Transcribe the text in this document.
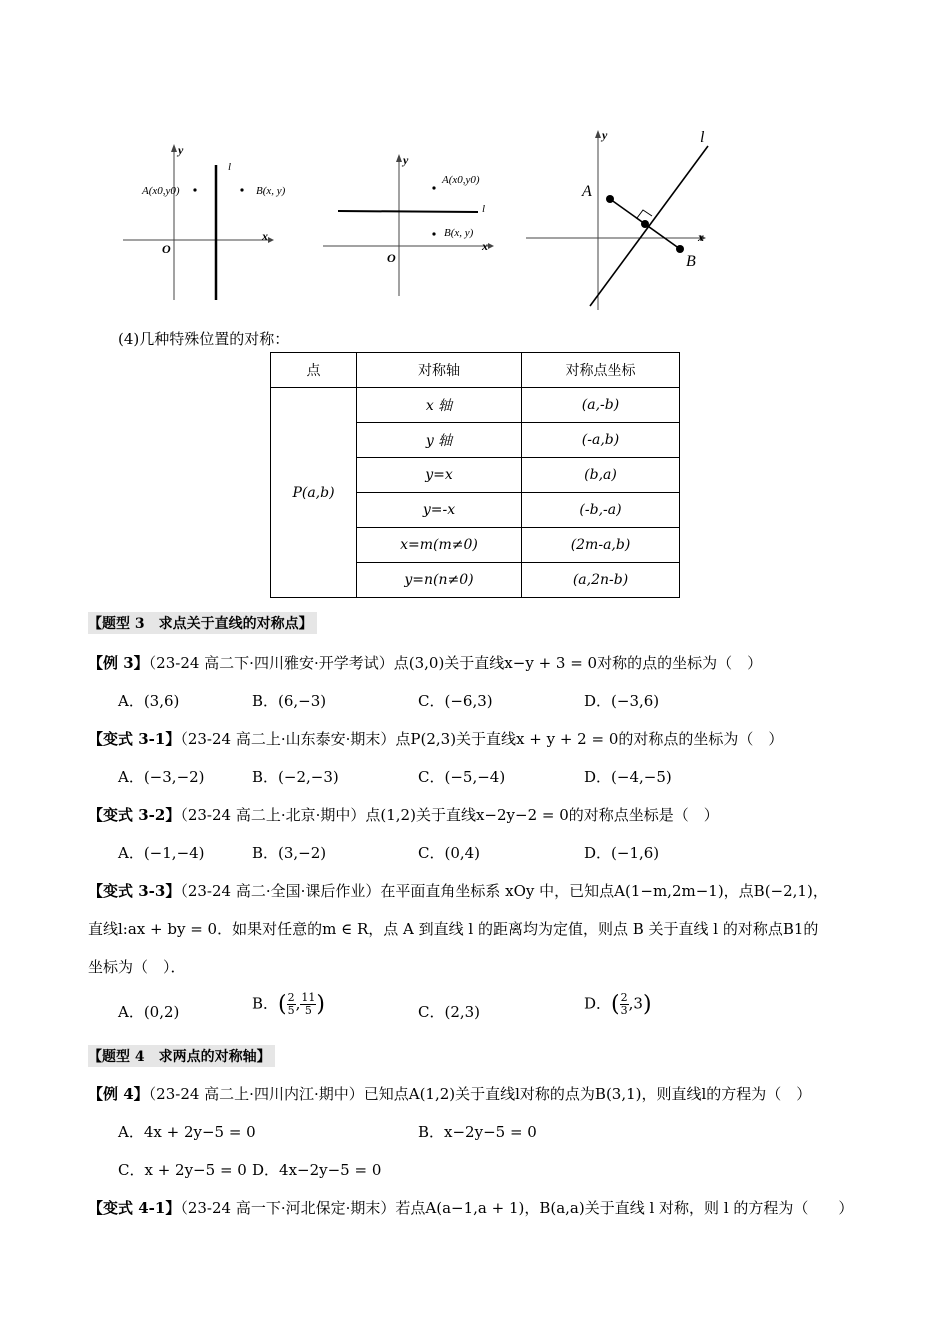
y
O
x
l
A(x0,y0)	B(x, y)
y
O
x
l
A(x0,y0)
B(x, y)
y
x
l
A
B
(4)几种特殊位置的对称：
点	对称轴	对称点坐标
P(a,b)	x 轴	(a,-b)
	y 轴	(-a,b)
	y=x	(b,a)
	y=-x	(-b,-a)
	x=m(m≠0)	(2m-a,b)
	y=n(n≠0)	(a,2n-b)
【题型 3　求点关于直线的对称点】
【例 3】（23-24 高二下·四川雅安·开学考试）点(3,0)关于直线x−y + 3 = 0对称的点的坐标为（　）
A．(3,6)	B．(6,−3)	C．(−6,3)	D．(−3,6)
【变式 3-1】（23-24 高二上·山东泰安·期末）点P(2,3)关于直线x + y + 2 = 0的对称点的坐标为（　）
A．(−3,−2)	B．(−2,−3)	C．(−5,−4)	D．(−4,−5)
【变式 3-2】（23-24 高二上·北京·期中）点(1,2)关于直线x−2y−2 = 0的对称点坐标是（　）
A．(−1,−4)	B．(3,−2)	C．(0,4)	D．(−1,6)
【变式 3-3】（23-24 高二·全国·课后作业）在平面直角坐标系 xOy 中，已知点A(1−m,2m−1)，点B(−2,1)，
直线l:ax + by = 0．如果对任意的m ∈ R，点 A 到直线 l 的距离均为定值，则点 B 关于直线 l 的对称点B1的
坐标为（　）．
A．(0,2)	B．( $\frac{2}{5}$ , $\frac{11}{5}$ )	C．(2,3)	D．( $\frac{2}{3} ,3$)
【题型 4　求两点的对称轴】
【例 4】（23-24 高二上·四川内江·期中）已知点A(1,2)关于直线l对称的点为B(3,1)，则直线l的方程为（　）
A．4x + 2y−5 = 0	B．x−2y−5 = 0
C．x + 2y−5 = 0 D．4x−2y−5 = 0
【变式 4-1】（23-24 高一下·河北保定·期末）若点A(a−1,a + 1)，B(a,a)关于直线 l 对称，则 l 的方程为（　　）
